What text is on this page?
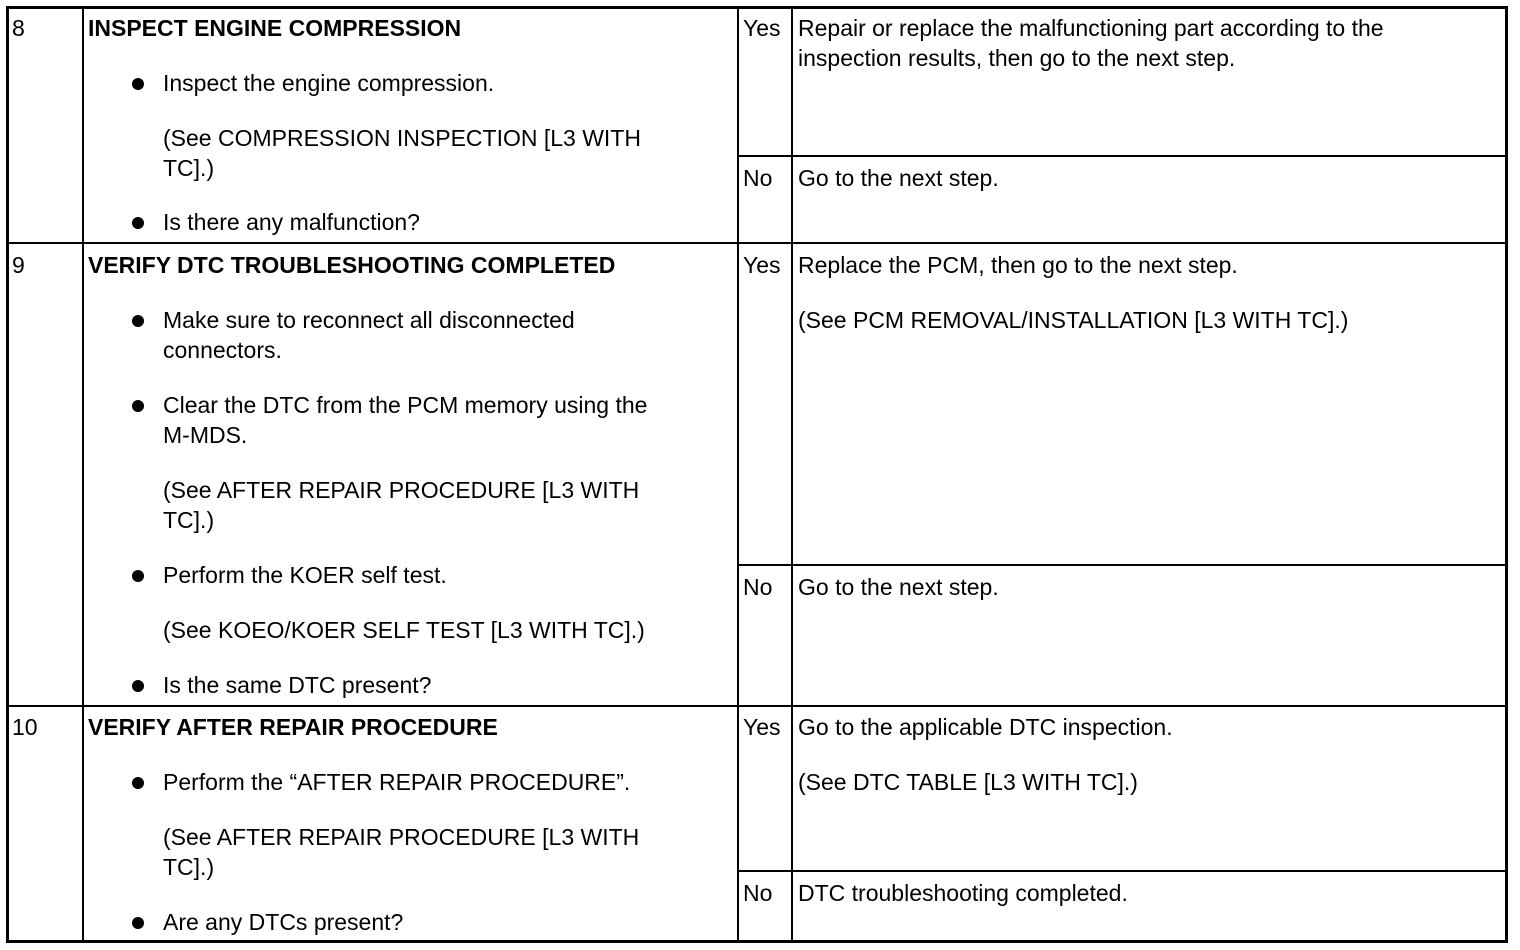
8	INSPECT ENGINE COMPRESSION
Inspect the engine compression.
(See COMPRESSION INSPECTION [L3 WITH
TC].)
Is there any malfunction?
Yes Repair or replace the malfunctioning part according to the
inspection results, then go to the next step.
No Go to the next step.
9	VERIFY DTC TROUBLESHOOTING COMPLETED
Make sure to reconnect all disconnected
connectors.
Clear the DTC from the PCM memory using the
M-MDS.
(See AFTER REPAIR PROCEDURE [L3 WITH
TC].)
Perform the KOER self test.
(See KOEO/KOER SELF TEST [L3 WITH TC].)
Is the same DTC present?
Yes Replace the PCM, then go to the next step.
(See PCM REMOVAL/INSTALLATION [L3 WITH TC].)
No Go to the next step.
10	VERIFY AFTER REPAIR PROCEDURE
Perform the “AFTER REPAIR PROCEDURE”.
(See AFTER REPAIR PROCEDURE [L3 WITH
TC].)
Are any DTCs present?
Yes Go to the applicable DTC inspection.
(See DTC TABLE [L3 WITH TC].)
No DTC troubleshooting completed.
